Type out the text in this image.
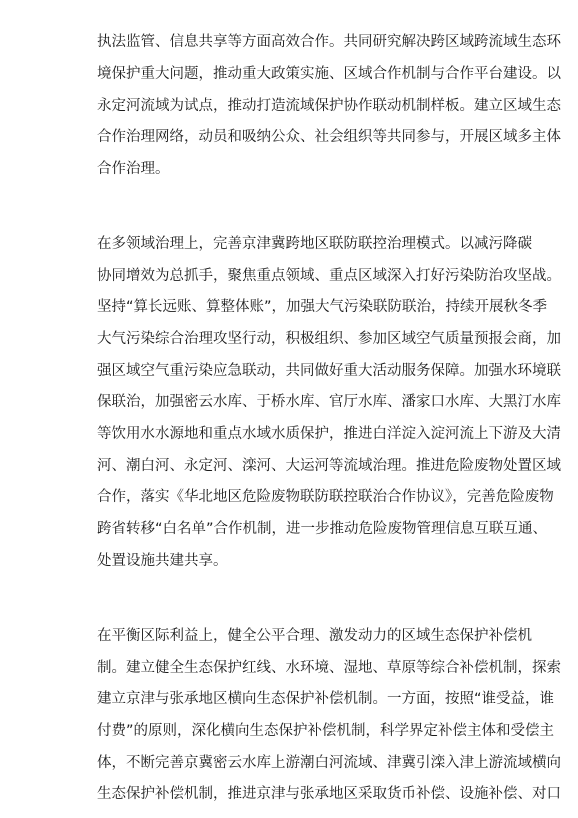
执法监管、信息共享等方面高效合作。共同研究解决跨区域跨流域生态环
境保护重大问题，推动重大政策实施、区域合作机制与合作平台建设。以
永定河流域为试点，推动打造流域保护协作联动机制样板。建立区域生态
合作治理网络，动员和吸纳公众、社会组织等共同参与，开展区域多主体
合作治理。
在多领域治理上，完善京津冀跨地区联防联控治理模式。以减污降碳
协同增效为总抓手，聚焦重点领域、重点区域深入打好污染防治攻坚战。
坚持“算长远账、算整体账”，加强大气污染联防联治，持续开展秋冬季
大气污染综合治理攻坚行动，积极组织、参加区域空气质量预报会商，加
强区域空气重污染应急联动，共同做好重大活动服务保障。加强水环境联
保联治，加强密云水库、于桥水库、官厅水库、潘家口水库、大黑汀水库
等饮用水水源地和重点水域水质保护，推进白洋淀入淀河流上下游及大清
河、潮白河、永定河、滦河、大运河等流域治理。推进危险废物处置区域
合作，落实《华北地区危险废物联防联控联治合作协议》，完善危险废物
跨省转移“白名单”合作机制，进一步推动危险废物管理信息互联互通、
处置设施共建共享。
在平衡区际利益上，健全公平合理、激发动力的区域生态保护补偿机
制。建立健全生态保护红线、水环境、湿地、草原等综合补偿机制，探索
建立京津与张承地区横向生态保护补偿机制。一方面，按照“谁受益，谁
付费”的原则，深化横向生态保护补偿机制，科学界定补偿主体和受偿主
体，不断完善京冀密云水库上游潮白河流域、津冀引滦入津上游流域横向
生态保护补偿机制，推进京津与张承地区采取货币补偿、设施补偿、对口
